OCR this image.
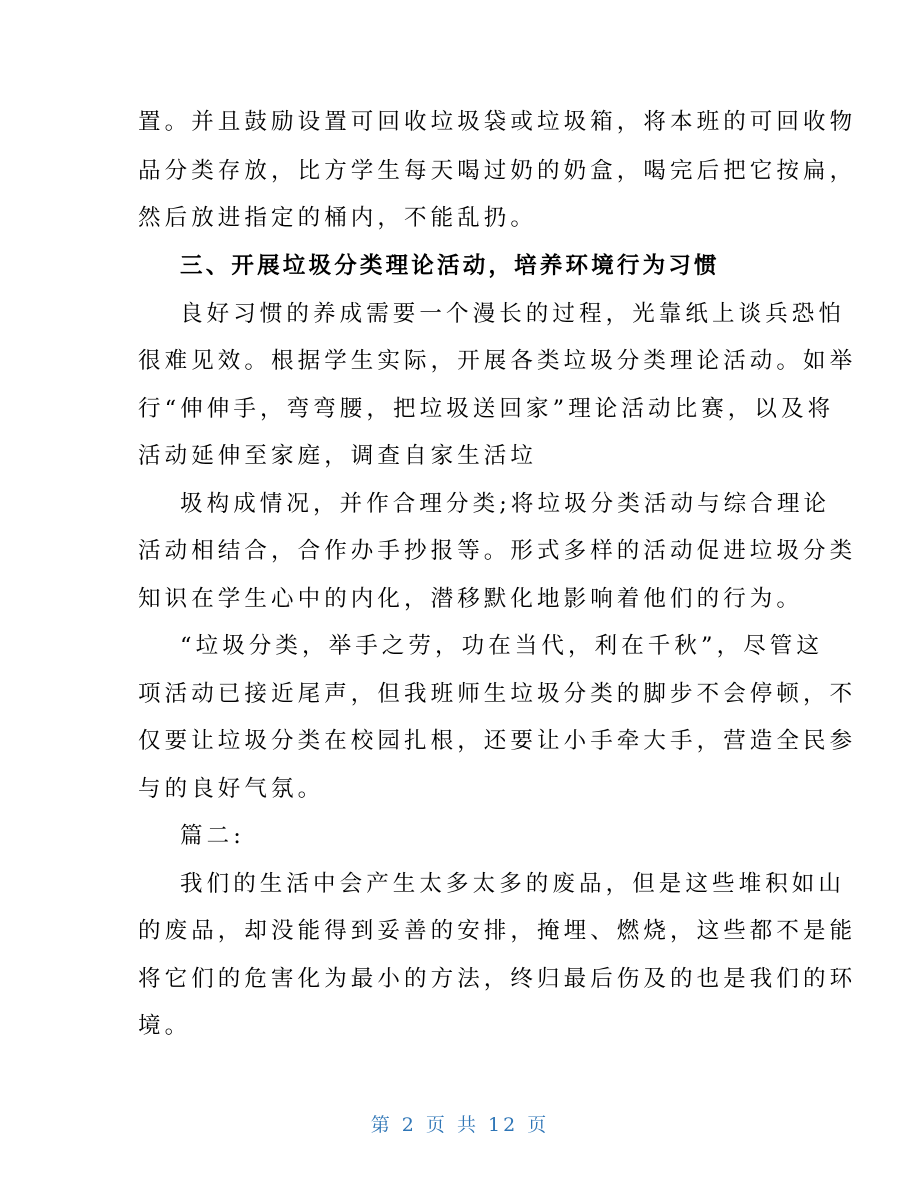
置。并且鼓励设置可回收垃圾袋或垃圾箱，将本班的可回收物
品分类存放，比方学生每天喝过奶的奶盒，喝完后把它按扁，
然后放进指定的桶内，不能乱扔。
三、开展垃圾分类理论活动，培养环境行为习惯
良好习惯的养成需要一个漫长的过程，光靠纸上谈兵恐怕
很难见效。根据学生实际，开展各类垃圾分类理论活动。如举
行“伸伸手，弯弯腰，把垃圾送回家”理论活动比赛，以及将
活动延伸至家庭，调查自家生活垃
圾构成情况，并作合理分类;将垃圾分类活动与综合理论
活动相结合，合作办手抄报等。形式多样的活动促进垃圾分类
知识在学生心中的内化，潜移默化地影响着他们的行为。
“垃圾分类，举手之劳，功在当代，利在千秋”，尽管这
项活动已接近尾声，但我班师生垃圾分类的脚步不会停顿，不
仅要让垃圾分类在校园扎根，还要让小手牵大手，营造全民参
与的良好气氛。
篇二:
我们的生活中会产生太多太多的废品，但是这些堆积如山
的废品，却没能得到妥善的安排，掩埋、燃烧，这些都不是能
将它们的危害化为最小的方法，终归最后伤及的也是我们的环
境。
第 2 页 共 12 页
